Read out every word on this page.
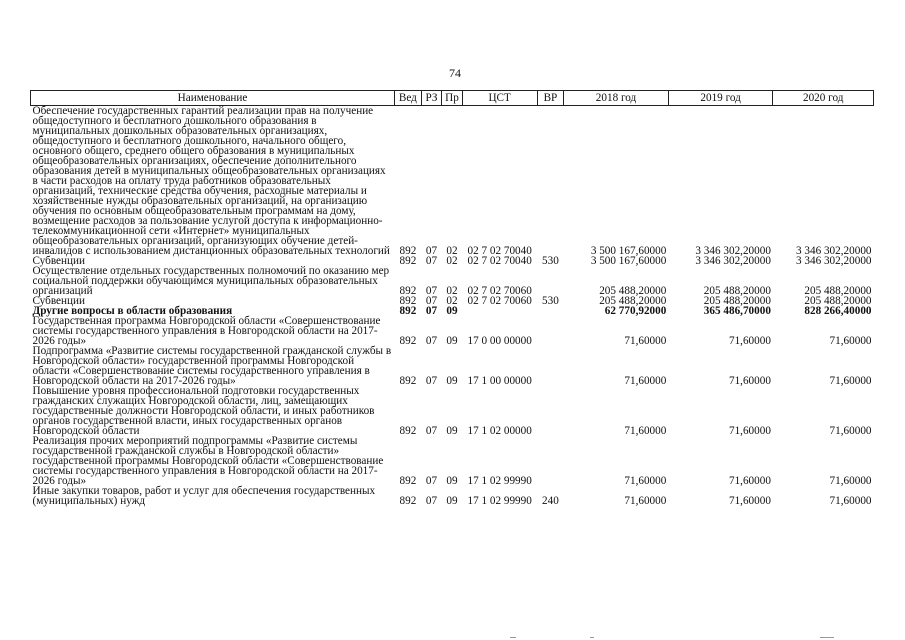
74
Наименование	Вед	РЗ	Пр	ЦСТ	ВР	2018 год	2019 год	2020 год
Обеспечение государственных гарантий реализации прав на получение общедоступного и бесплатного дошкольного образования в муниципальных дошкольных образовательных организациях, общедоступного и бесплатного дошкольного, начального общего, основного общего, среднего общего образования в муниципальных общеобразовательных организациях, обеспечение дополнительного образования детей в муниципальных общеобразовательных организациях в части расходов на оплату труда работников образовательных организаций, технические средства обучения, расходные материалы и хозяйственные нужды образовательных организаций, на организацию обучения по основным общеобразовательным программам на дому, возмещение расходов за пользование услугой доступа к информационно-телекоммуникационной сети «Интернет» муниципальных общеобразовательных организаций, организующих обучение детей-инвалидов с использованием дистанционных образовательных технологий	892	07	02	02 7 02 70040		3 500 167,60000	3 346 302,20000	3 346 302,20000
Субвенции	892	07	02	02 7 02 70040	530	3 500 167,60000	3 346 302,20000	3 346 302,20000
Осуществление отдельных государственных полномочий по оказанию мер социальной поддержки обучающимся муниципальных образовательных организаций	892	07	02	02 7 02 70060		205 488,20000	205 488,20000	205 488,20000
Субвенции	892	07	02	02 7 02 70060	530	205 488,20000	205 488,20000	205 488,20000
Другие вопросы в области образования	892	07	09			62 770,92000	365 486,70000	828 266,40000
Государственная программа Новгородской области «Совершенствование системы государственного управления в Новгородской области на 2017-2026 годы»	892	07	09	17 0 00 00000		71,60000	71,60000	71,60000
Подпрограмма «Развитие системы государственной гражданской службы в Новгородской области» государственной программы Новгородской области «Совершенствование системы государственного управления в Новгородской области на 2017-2026 годы»	892	07	09	17 1 00 00000		71,60000	71,60000	71,60000
Повышение уровня профессиональной подготовки государственных гражданских служащих Новгородской области, лиц, замещающих государственные должности Новгородской области, и иных работников органов государственной власти, иных государственных органов Новгородской области	892	07	09	17 1 02 00000		71,60000	71,60000	71,60000
Реализация прочих мероприятий подпрограммы «Развитие системы государственной гражданской службы в Новгородской области» государственной программы Новгородской области «Совершенствование системы государственного управления в Новгородской области на 2017-2026 годы»	892	07	09	17 1 02 99990		71,60000	71,60000	71,60000
Иные закупки товаров, работ и услуг для обеспечения государственных (муниципальных) нужд	892	07	09	17 1 02 99990	240	71,60000	71,60000	71,60000
